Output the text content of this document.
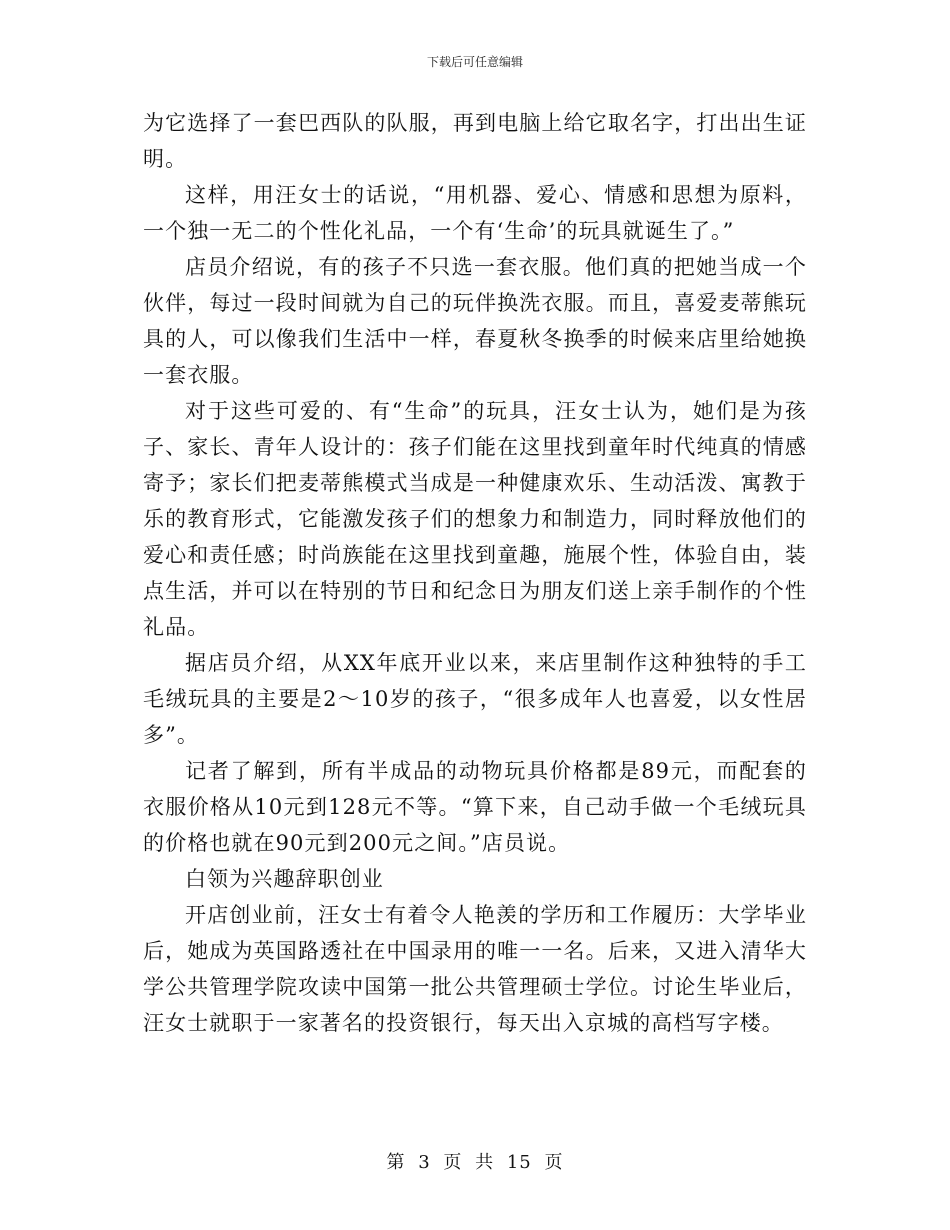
下载后可任意编辑

为它选择了一套巴西队的队服，再到电脑上给它取名字，打出出生证明。

这样，用汪女士的话说，“用机器、爱心、情感和思想为原料，一个独一无二的个性化礼品，一个有‘生命’的玩具就诞生了。”

店员介绍说，有的孩子不只选一套衣服。他们真的把她当成一个伙伴，每过一段时间就为自己的玩伴换洗衣服。而且，喜爱麦蒂熊玩具的人，可以像我们生活中一样，春夏秋冬换季的时候来店里给她换一套衣服。

对于这些可爱的、有“生命”的玩具，汪女士认为，她们是为孩子、家长、青年人设计的：孩子们能在这里找到童年时代纯真的情感寄予；家长们把麦蒂熊模式当成是一种健康欢乐、生动活泼、寓教于乐的教育形式，它能激发孩子们的想象力和制造力，同时释放他们的爱心和责任感；时尚族能在这里找到童趣，施展个性，体验自由，装点生活，并可以在特别的节日和纪念日为朋友们送上亲手制作的个性礼品。

据店员介绍，从XX年底开业以来，来店里制作这种独特的手工毛绒玩具的主要是2～10岁的孩子，“很多成年人也喜爱，以女性居多”。

记者了解到，所有半成品的动物玩具价格都是89元，而配套的衣服价格从10元到128元不等。“算下来，自己动手做一个毛绒玩具的价格也就在90元到200元之间。”店员说。

白领为兴趣辞职创业

开店创业前，汪女士有着令人艳羡的学历和工作履历：大学毕业后，她成为英国路透社在中国录用的唯一一名。后来，又进入清华大学公共管理学院攻读中国第一批公共管理硕士学位。讨论生毕业后，汪女士就职于一家著名的投资银行，每天出入京城的高档写字楼。

第 3 页 共 15 页
